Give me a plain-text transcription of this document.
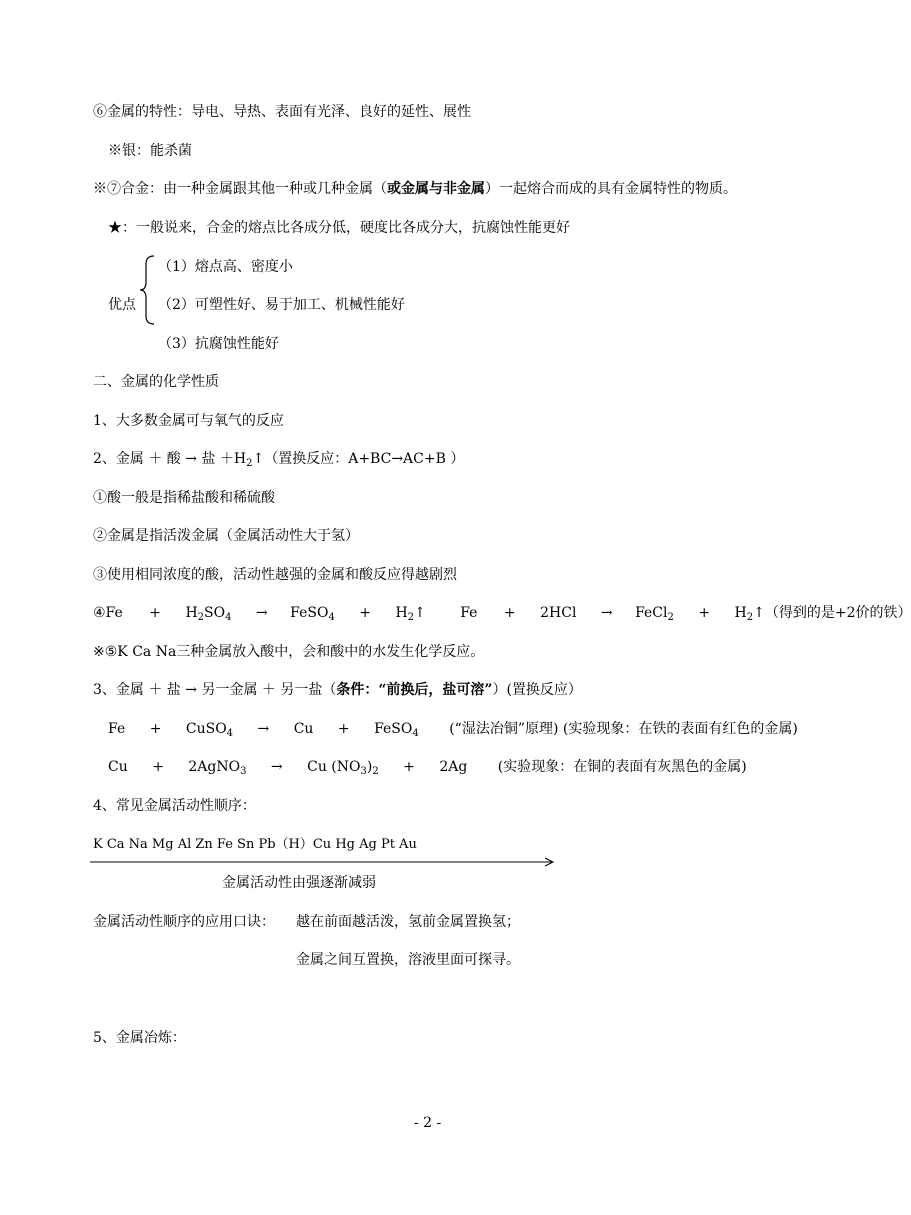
⑥金属的特性：导电、导热、表面有光泽、良好的延性、展性
※银：能杀菌
※⑦合金：由一种金属跟其他一种或几种金属（或金属与非金属）一起熔合而成的具有金属特性的物质。
★：一般说来，合金的熔点比各成分低，硬度比各成分大，抗腐蚀性能更好
优点
（1）熔点高、密度小
（2）可塑性好、易于加工、机械性能好
（3）抗腐蚀性能好
二、金属的化学性质
1、大多数金属可与氧气的反应
2、金属 ＋ 酸 → 盐 $+H_2↑$（置换反应：A+BC→AC+B ）
①酸一般是指稀盐酸和稀硫酸
②金属是指活泼金属（金属活动性大于氢）
③使用相同浓度的酸，活动性越强的金属和酸反应得越剧烈
④Fe + $H_2SO_4$ → FeSO$_4$ + $H_2↑$ Fe + 2HCl → FeCl$_2$ + $H_2↑$（得到的是+2价的铁）
※⑤K Ca Na三种金属放入酸中，会和酸中的水发生化学反应。
3、金属 ＋ 盐 → 另一金属 ＋ 另一盐（条件：“前换后，盐可溶”）(置换反应）
Fe + CuSO$_4$ → Cu + FeSO$_4$ (“湿法冶铜”原理) (实验现象：在铁的表面有红色的金属)
Cu + 2AgNO$_3$ → Cu $(NO_3)_2 + 2Ag$ (实验现象：在铜的表面有灰黑色的金属)
4、常见金属活动性顺序：
K Ca Na Mg Al Zn Fe Sn Pb（H）Cu Hg Ag Pt Au
金属活动性由强逐渐减弱
金属活动性顺序的应用口诀： 越在前面越活泼，氢前金属置换氢；
金属之间互置换，溶液里面可探寻。
5、金属冶炼：
- 2 -
